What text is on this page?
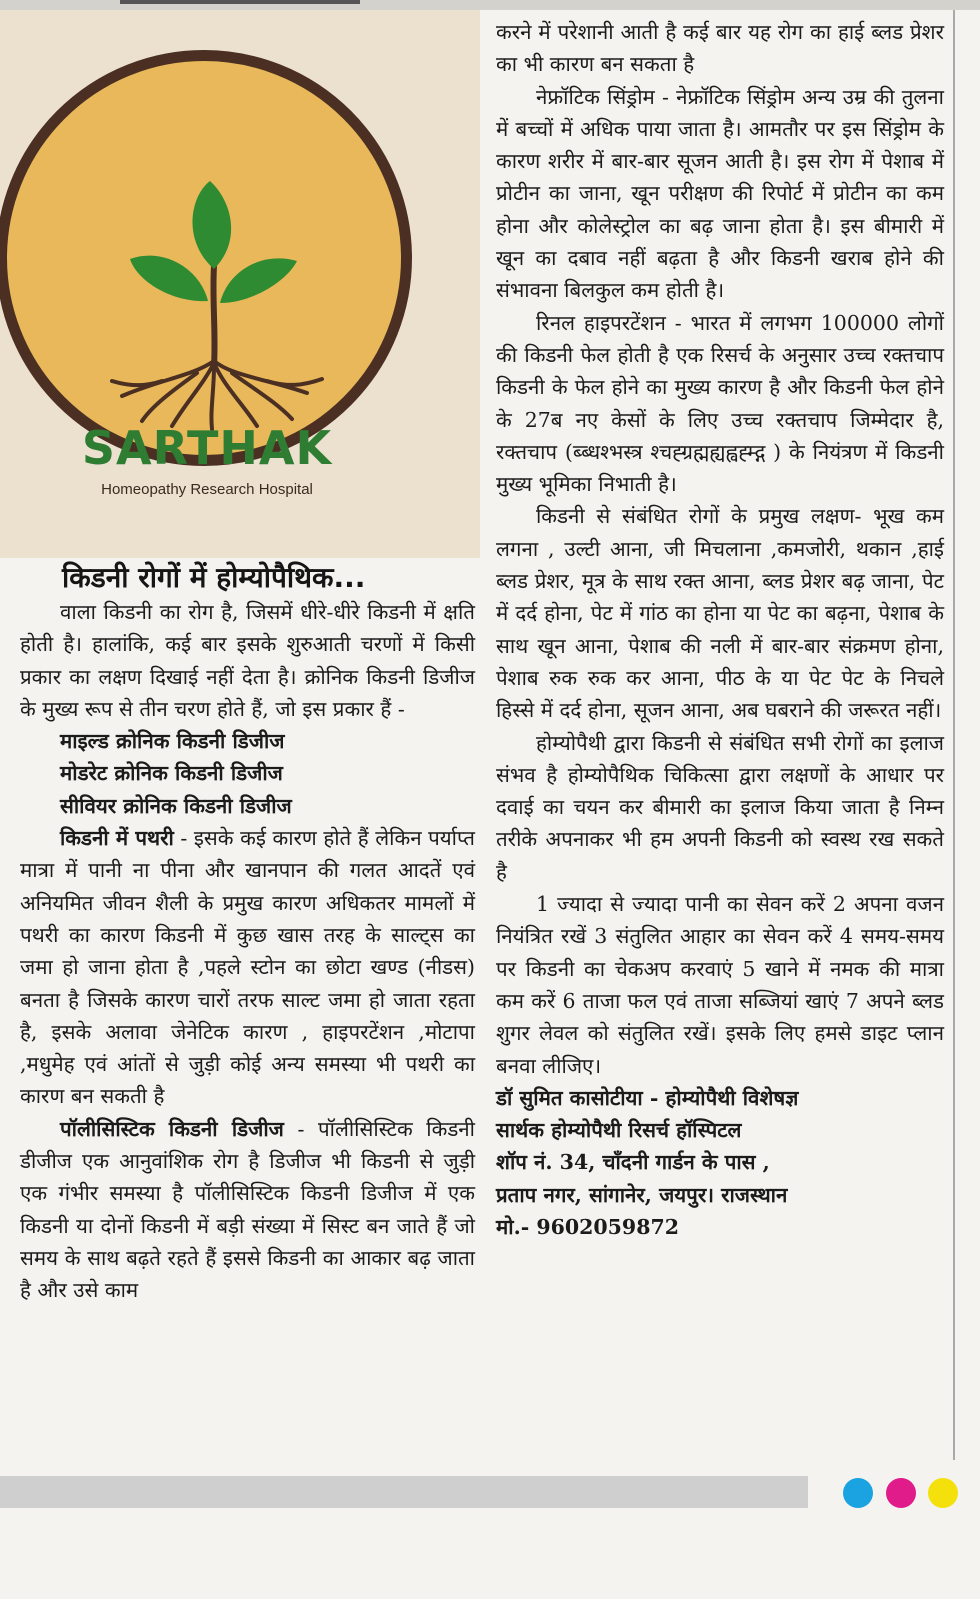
SARTHAK
Homeopathy Research Hospital
किडनी रोगों में होम्योपैथिक...

वाला किडनी का रोग है, जिसमें धीरे-धीरे किडनी में क्षति होती है। हालांकि, कई बार इसके शुरुआती चरणों में किसी प्रकार का लक्षण दिखाई नहीं देता है। क्रोनिक किडनी डिजीज के मुख्य रूप से तीन चरण होते हैं, जो इस प्रकार हैं -

माइल्ड क्रोनिक किडनी डिजीज

मोडरेट क्रोनिक किडनी डिजीज

सीवियर क्रोनिक किडनी डिजीज

किडनी में पथरी - इसके कई कारण होते हैं लेकिन पर्याप्त मात्रा में पानी ना पीना और खानपान की गलत आदतें एवं अनियमित जीवन शैली के प्रमुख कारण अधिकतर मामलों में पथरी का कारण किडनी में कुछ खास तरह के साल्ट्स का जमा हो जाना होता है ,पहले स्टोन का छोटा खण्ड (नीडस) बनता है जिसके कारण चारों तरफ साल्ट जमा हो जाता रहता है, इसके अलावा जेनेटिक कारण , हाइपरटेंशन ,मोटापा ,मधुमेह एवं आंतों से जुड़ी कोई अन्य समस्या भी पथरी का कारण बन सकती है

पॉलीसिस्टिक किडनी डिजीज - पॉलीसिस्टिक किडनी डीजीज एक आनुवांशिक रोग है डिजीज भी किडनी से जुड़ी एक गंभीर समस्या है पॉलीसिस्टिक किडनी डिजीज में एक किडनी या दोनों किडनी में बड़ी संख्या में सिस्ट बन जाते हैं जो समय के साथ बढ़ते रहते हैं इससे किडनी का आकार बढ़ जाता है और उसे काम

करने में परेशानी आती है कई बार यह रोग का हाई ब्लड प्रेशर का भी कारण बन सकता है

नेफ्रॉटिक सिंड्रोम - नेफ्रॉटिक सिंड्रोम अन्य उम्र की तुलना में बच्चों में अधिक पाया जाता है। आमतौर पर इस सिंड्रोम के कारण शरीर में बार-बार सूजन आती है। इस रोग में पेशाब में प्रोटीन का जाना, खून परीक्षण की रिपोर्ट में प्रोटीन का कम होना और कोलेस्ट्रोल का बढ़ जाना होता है। इस बीमारी में खून का दबाव नहीं बढ़ता है और किडनी खराब होने की संभावना बिलकुल कम होती है।

रिनल हाइपरटेंशन - भारत में लगभग 100000 लोगों की किडनी फेल होती है एक रिसर्च के अनुसार उच्च रक्तचाप किडनी के फेल होने का मुख्य कारण है और किडनी फेल होने के 27ब नए केसों के लिए उच्च रक्तचाप जिम्मेदार है, रक्तचाप (ब्ब्धश्भस्त्र श्चह्ग्रह्मह्यह्वह्म्द्ग ) के नियंत्रण में किडनी मुख्य भूमिका निभाती है।

किडनी से संबंधित रोगों के प्रमुख लक्षण- भूख कम लगना , उल्टी आना, जी मिचलाना ,कमजोरी, थकान ,हाई ब्लड प्रेशर, मूत्र के साथ रक्त आना, ब्लड प्रेशर बढ़ जाना, पेट में दर्द होना, पेट में गांठ का होना या पेट का बढ़ना, पेशाब के साथ खून आना, पेशाब की नली में बार-बार संक्रमण होना, पेशाब रुक रुक कर आना, पीठ के या पेट पेट के निचले हिस्से में दर्द होना, सूजन आना, अब घबराने की जरूरत नहीं।

होम्योपैथी द्वारा किडनी से संबंधित सभी रोगों का इलाज संभव है होम्योपैथिक चिकित्सा द्वारा लक्षणों के आधार पर दवाई का चयन कर बीमारी का इलाज किया जाता है निम्न तरीके अपनाकर भी हम अपनी किडनी को स्वस्थ रख सकते है

1 ज्यादा से ज्यादा पानी का सेवन करें 2 अपना वजन नियंत्रित रखें 3 संतुलित आहार का सेवन करें 4 समय-समय पर किडनी का चेकअप करवाएं 5 खाने में नमक की मात्रा कम करें 6 ताजा फल एवं ताजा सब्जियां खाएं 7 अपने ब्लड शुगर लेवल को संतुलित रखें। इसके लिए हमसे डाइट प्लान बनवा लीजिए।

डॉ सुमित कासोटीया - होम्योपैथी विशेषज्ञ

सार्थक होम्योपैथी रिसर्च हॉस्पिटल

शॉप नं. 34, चाँदनी गार्डन के पास ,

प्रताप नगर, सांगानेर, जयपुर। राजस्थान

मो.- 9602059872
